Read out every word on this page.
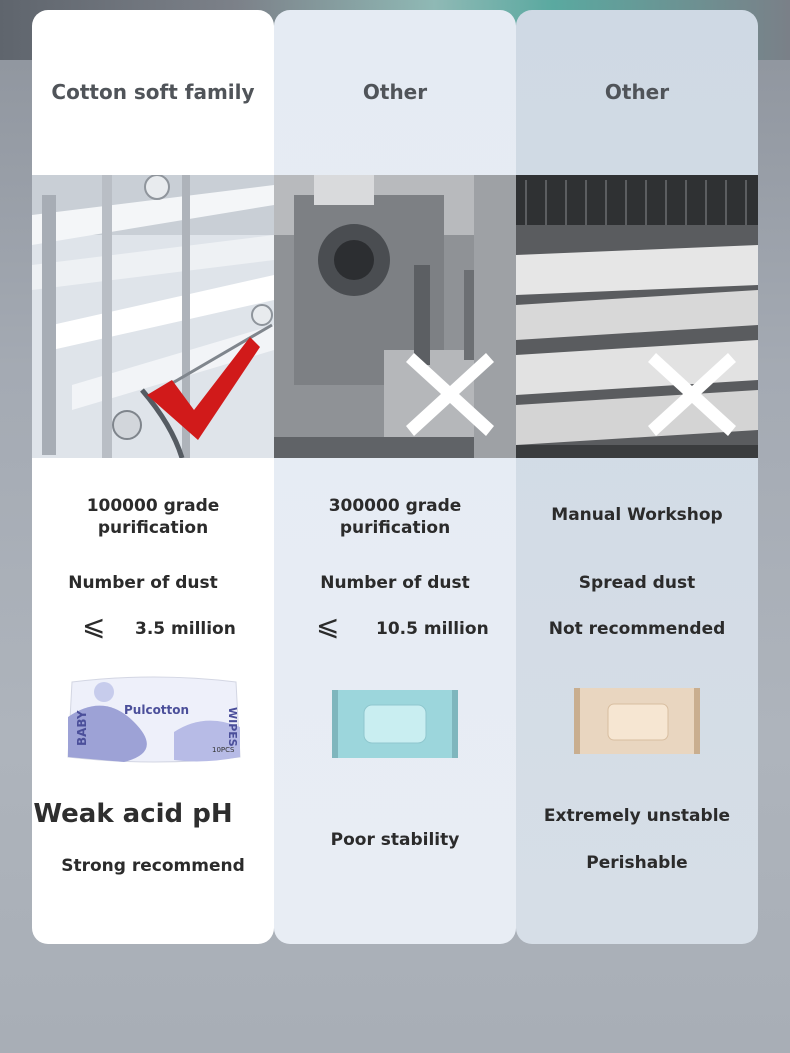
Cotton soft family
100000 grade purification
Number of dust
⩽ 3.5 million
Pulcotton
10PCS
BABY	WIPES
Weak acid pH
Strong recommend
Other
300000 grade purification
Number of dust
⩽ 10.5 million
Poor stability
Other
Manual Workshop
Spread dust
Not recommended
Extremely unstable
Perishable
